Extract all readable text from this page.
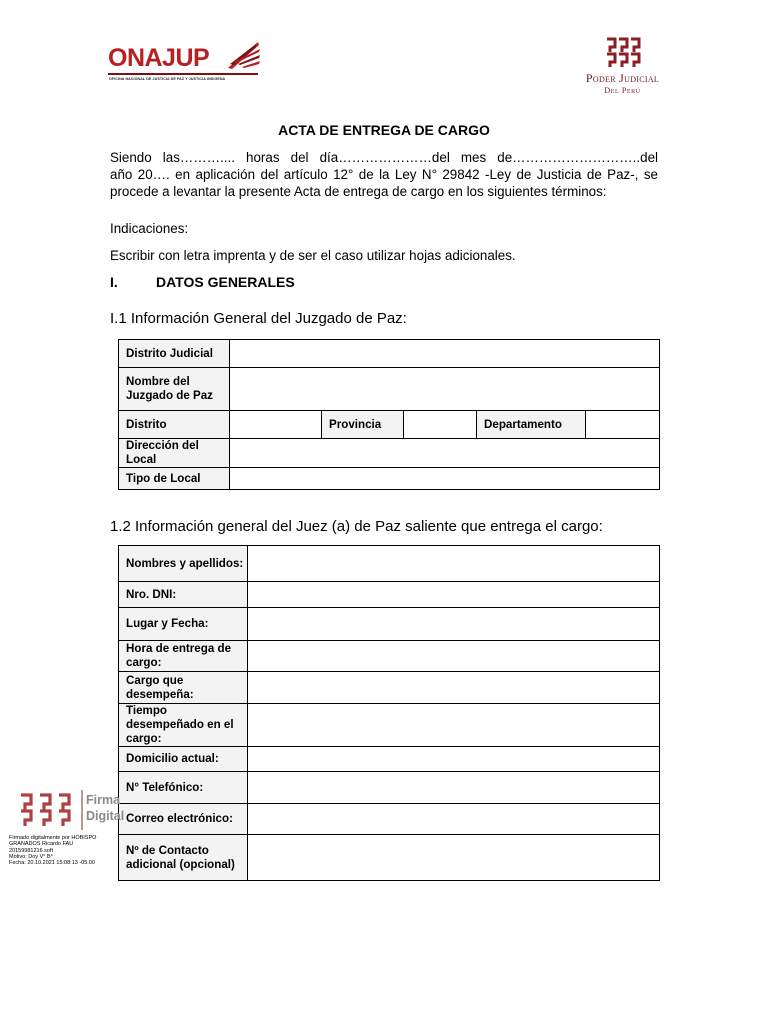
ONAJUP
OFICINA NACIONAL DE JUSTICIA DE PAZ Y JUSTICIA INDIGENA	Poder Judicial
Del Perú
ACTA DE ENTREGA DE CARGO
Siendo las……….... horas del día…………………del mes de………………………..del
año 20…. en aplicación del artículo 12° de la Ley N° 29842 -Ley de Justicia de Paz-, se
procede a levantar la presente Acta de entrega de cargo en los siguientes términos:
Indicaciones:
Escribir con letra imprenta y de ser el caso utilizar hojas adicionales.
I.	DATOS GENERALES
I.1 Información General del Juzgado de Paz:
Distrito Judicial					
Nombre del Juzgado de Paz					
Distrito		Provincia		Departamento	
Dirección del Local					
Tipo de Local					
1.2 Información general del Juez (a) de Paz saliente que entrega el cargo:
Nombres y apellidos:	
Nro. DNI:	
Lugar y Fecha:	
Hora de entrega de cargo:	
Cargo que desempeña:	
Tiempo desempeñado en el cargo:	
Domicilio actual:	
N° Telefónico:	
Correo electrónico:	
Nº de Contacto adicional (opcional)	
Firma
Digital
Firmado digitalmente por HOBISPO
GRANADOS Ricardo FAU
20159981216 soft
Motivo: Doy V° B°
Fecha: 20.10.2021 15:08:13 -05:00
